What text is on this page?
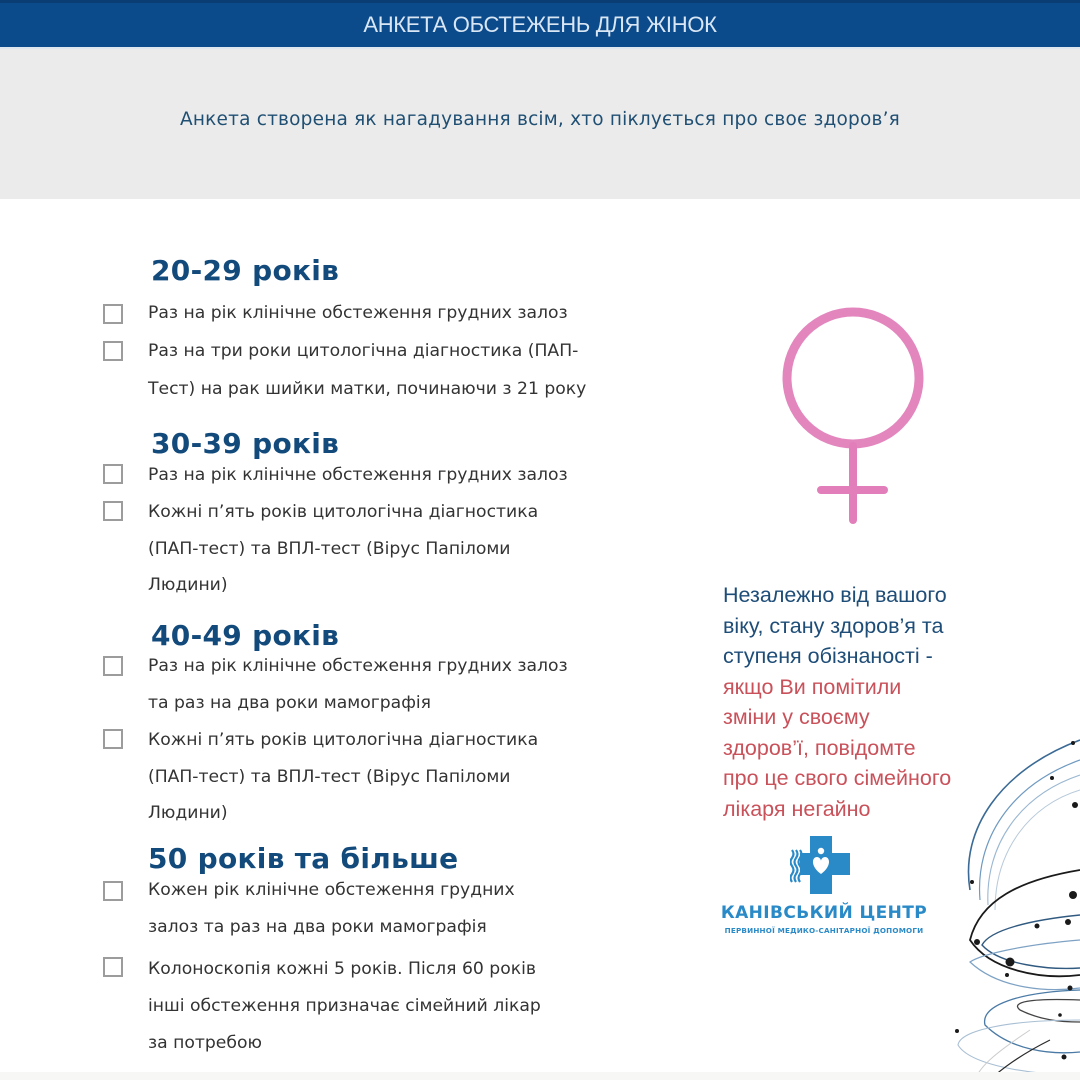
АНКЕТА ОБСТЕЖЕНЬ ДЛЯ ЖІНОК
Анкета створена як нагадування всім, хто піклується про своє здоров’я
20-29 років
Раз на рік клінічне обстеження грудних залоз
Раз на три роки цитологічна діагностика (ПАП-
Тест) на рак шийки матки, починаючи з 21 року
30-39 років
Раз на рік клінічне обстеження грудних залоз
Кожні п’ять років цитологічна діагностика
(ПАП-тест) та ВПЛ-тест (Вірус Папіломи
Людини)
40-49 років
Раз на рік клінічне обстеження грудних залоз
та раз на два роки мамографія
Кожні п’ять років цитологічна діагностика
(ПАП-тест) та ВПЛ-тест (Вірус Папіломи
Людини)
50 років та більше
Кожен рік клінічне обстеження грудних
залоз та раз на два роки мамографія
Колоноскопія кожні 5 років. Після 60 років
інші обстеження призначає сімейний лікар
за потребою
Незалежно від вашого
віку, стану здоров’я та
ступеня обізнаності -
якщо Ви помітили
зміни у своєму
здоров’ї, повідомте
про це свого сімейного
лікаря негайно
КАНІВСЬКИЙ ЦЕНТР
ПЕРВИННОЇ МЕДИКО-САНІТАРНОЇ ДОПОМОГИ
